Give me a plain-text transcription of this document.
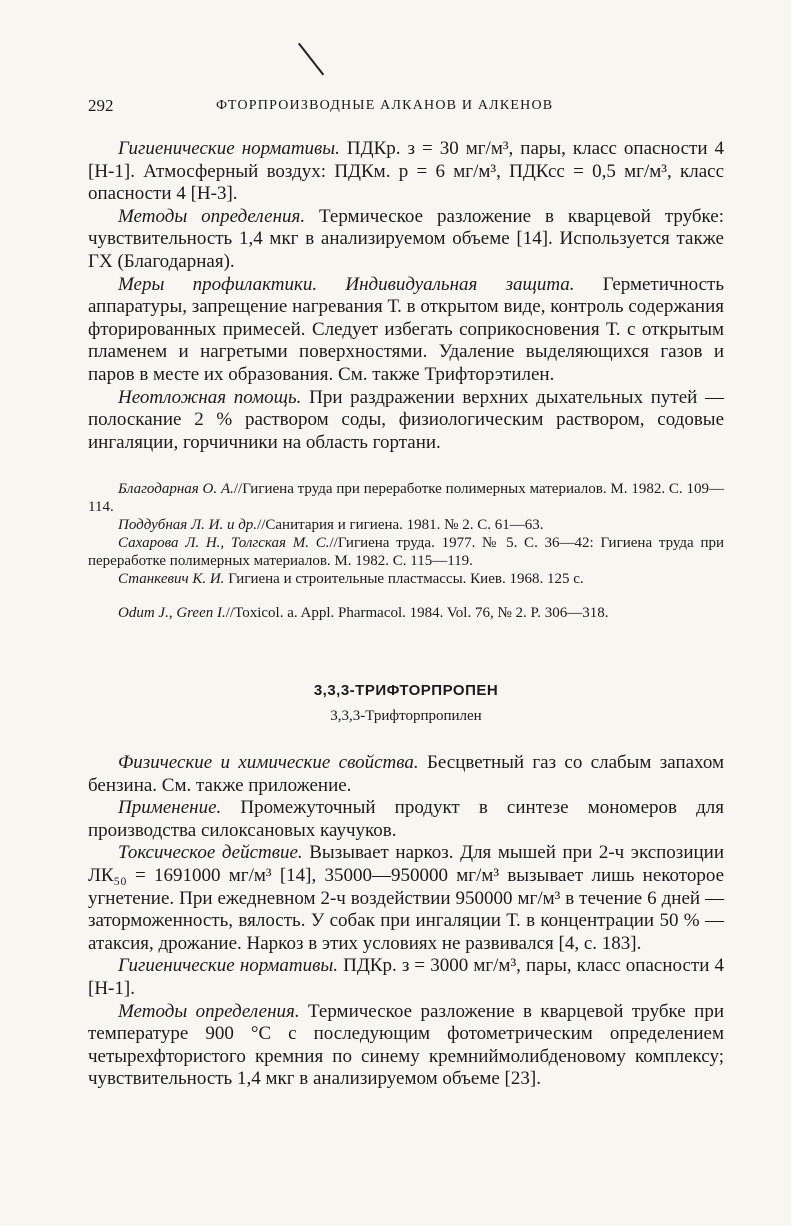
292	ФТОРПРОИЗВОДНЫЕ АЛКАНОВ И АЛКЕНОВ

Гигиенические нормативы. ПДКр. з = 30 мг/м³, пары, класс опасности 4 [Н-1]. Атмосферный воздух: ПДКм. р = 6 мг/м³, ПДКсс = 0,5 мг/м³, класс опасности 4 [Н-3].

Методы определения. Термическое разложение в кварцевой трубке: чувствительность 1,4 мкг в анализируемом объеме [14]. Используется также ГХ (Благодарная).

Меры профилактики. Индивидуальная защита. Герметичность аппаратуры, запрещение нагревания Т. в открытом виде, контроль содержания фторированных примесей. Следует избегать соприкосновения Т. с открытым пламенем и нагретыми поверхностями. Удаление выделяющихся газов и паров в месте их образования. См. также Трифторэтилен.

Неотложная помощь. При раздражении верхних дыхательных путей — полоскание 2 % раствором соды, физиологическим раствором, содовые ингаляции, горчичники на область гортани.

Благодарная О. А.//Гигиена труда при переработке полимерных материалов. М. 1982. С. 109—114.

Поддубная Л. И. и др.//Санитария и гигиена. 1981. № 2. С. 61—63.

Сахарова Л. Н., Толгская М. С.//Гигиена труда. 1977. № 5. С. 36—42: Гигиена труда при переработке полимерных материалов. М. 1982. С. 115—119.

Станкевич К. И. Гигиена и строительные пластмассы. Киев. 1968. 125 с.

Odum J., Green I.//Toxicol. a. Appl. Pharmacol. 1984. Vol. 76, № 2. P. 306—318.

3,3,3-ТРИФТОРПРОПЕН
3,3,3-Трифторпропилен

Физические и химические свойства. Бесцветный газ со слабым запахом бензина. См. также приложение.

Применение. Промежуточный продукт в синтезе мономеров для производства силоксановых каучуков.

Токсическое действие. Вызывает наркоз. Для мышей при 2-ч экспозиции ЛК₅₀ = 1691000 мг/м³ [14], 35000—950000 мг/м³ вызывает лишь некоторое угнетение. При ежедневном 2-ч воздействии 950000 мг/м³ в течение 6 дней — заторможенность, вялость. У собак при ингаляции Т. в концентрации 50 % — атаксия, дрожание. Наркоз в этих условиях не развивался [4, с. 183].

Гигиенические нормативы. ПДКр. з = 3000 мг/м³, пары, класс опасности 4 [Н-1].

Методы определения. Термическое разложение в кварцевой трубке при температуре 900 °С с последующим фотометрическим определением четырехфтористого кремния по синему кремниймолибденовому комплексу; чувствительность 1,4 мкг в анализируемом объеме [23].
